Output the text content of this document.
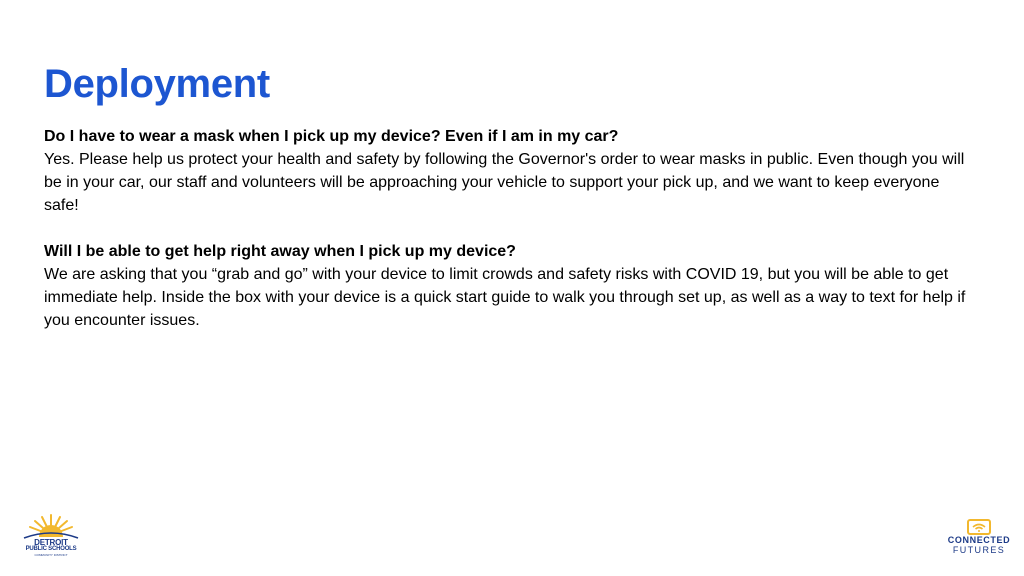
Deployment

Do I have to wear a mask when I pick up my device? Even if I am in my car?
Yes. Please help us protect your health and safety by following the Governor's order to wear masks in public. Even though you will be in your car, our staff and volunteers will be approaching your vehicle to support your pick up, and we want to keep everyone safe!

Will I be able to get help right away when I pick up my device?
We are asking that you “grab and go” with your device to limit crowds and safety risks with COVID 19, but you will be able to get immediate help. Inside the box with your device is a quick start guide to walk you through set up, as well as a way to text for help if you encounter issues.

DETROIT
PUBLIC SCHOOLS
COMMUNITY DISTRICT
CONNECTED
FUTURES
